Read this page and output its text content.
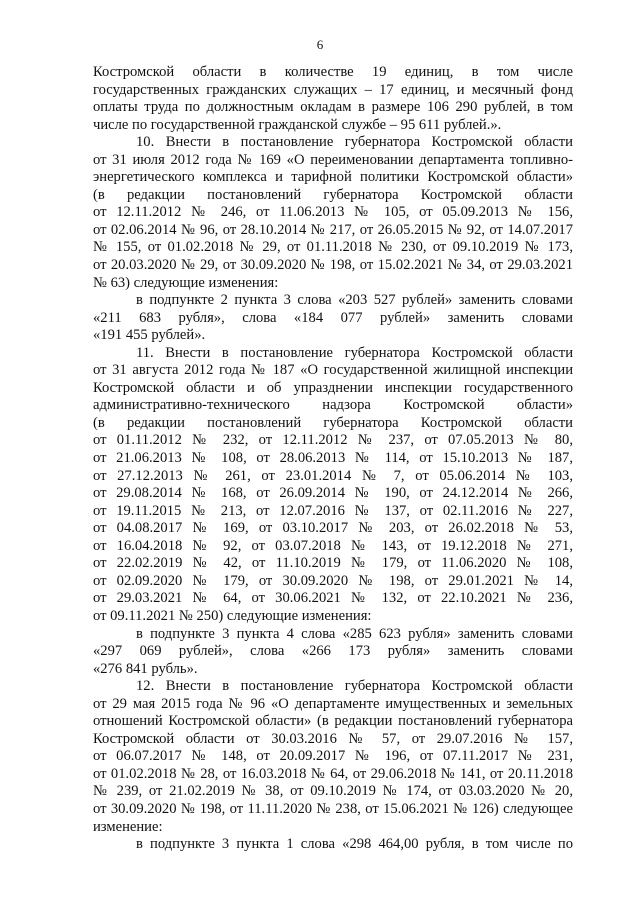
6
Костромской области в количестве 19 единиц, в том числе
государственных гражданских служащих – 17 единиц, и месячный фонд
оплаты труда по должностным окладам в размере 106 290 рублей, в том
числе по государственной гражданской службе – 95 611 рублей.».
10. Внести в постановление губернатора Костромской области
от 31 июля 2012 года № 169 «О переименовании департамента топливно-
энергетического комплекса и тарифной политики Костромской области»
(в редакции постановлений губернатора Костромской области
от 12.11.2012 № 246, от 11.06.2013 № 105, от 05.09.2013 № 156,
от 02.06.2014 № 96, от 28.10.2014 № 217, от 26.05.2015 № 92, от 14.07.2017
№ 155, от 01.02.2018 № 29, от 01.11.2018 № 230, от 09.10.2019 № 173,
от 20.03.2020 № 29, от 30.09.2020 № 198, от 15.02.2021 № 34, от 29.03.2021
№ 63) следующие изменения:
в подпункте 2 пункта 3 слова «203 527 рублей» заменить словами
«211 683 рубля», слова «184 077 рублей» заменить словами
«191 455 рублей».
11. Внести в постановление губернатора Костромской области
от 31 августа 2012 года № 187 «О государственной жилищной инспекции
Костромской области и об упразднении инспекции государственного
административно-технического надзора Костромской области»
(в редакции постановлений губернатора Костромской области
от 01.11.2012 № 232, от 12.11.2012 № 237, от 07.05.2013 № 80,
от 21.06.2013 № 108, от 28.06.2013 № 114, от 15.10.2013 № 187,
от 27.12.2013 № 261, от 23.01.2014 № 7, от 05.06.2014 № 103,
от 29.08.2014 № 168, от 26.09.2014 № 190, от 24.12.2014 № 266,
от 19.11.2015 № 213, от 12.07.2016 № 137, от 02.11.2016 № 227,
от 04.08.2017 № 169, от 03.10.2017 № 203, от 26.02.2018 № 53,
от 16.04.2018 № 92, от 03.07.2018 № 143, от 19.12.2018 № 271,
от 22.02.2019 № 42, от 11.10.2019 № 179, от 11.06.2020 № 108,
от 02.09.2020 № 179, от 30.09.2020 № 198, от 29.01.2021 № 14,
от 29.03.2021 № 64, от 30.06.2021 № 132, от 22.10.2021 № 236,
от 09.11.2021 № 250) следующие изменения:
в подпункте 3 пункта 4 слова «285 623 рубля» заменить словами
«297 069 рублей», слова «266 173 рубля» заменить словами
«276 841 рубль».
12. Внести в постановление губернатора Костромской области
от 29 мая 2015 года № 96 «О департаменте имущественных и земельных
отношений Костромской области» (в редакции постановлений губернатора
Костромской области от 30.03.2016 № 57, от 29.07.2016 № 157,
от 06.07.2017 № 148, от 20.09.2017 № 196, от 07.11.2017 № 231,
от 01.02.2018 № 28, от 16.03.2018 № 64, от 29.06.2018 № 141, от 20.11.2018
№ 239, от 21.02.2019 № 38, от 09.10.2019 № 174, от 03.03.2020 № 20,
от 30.09.2020 № 198, от 11.11.2020 № 238, от 15.06.2021 № 126) следующее
изменение:
в подпункте 3 пункта 1 слова «298 464,00 рубля, в том числе по
